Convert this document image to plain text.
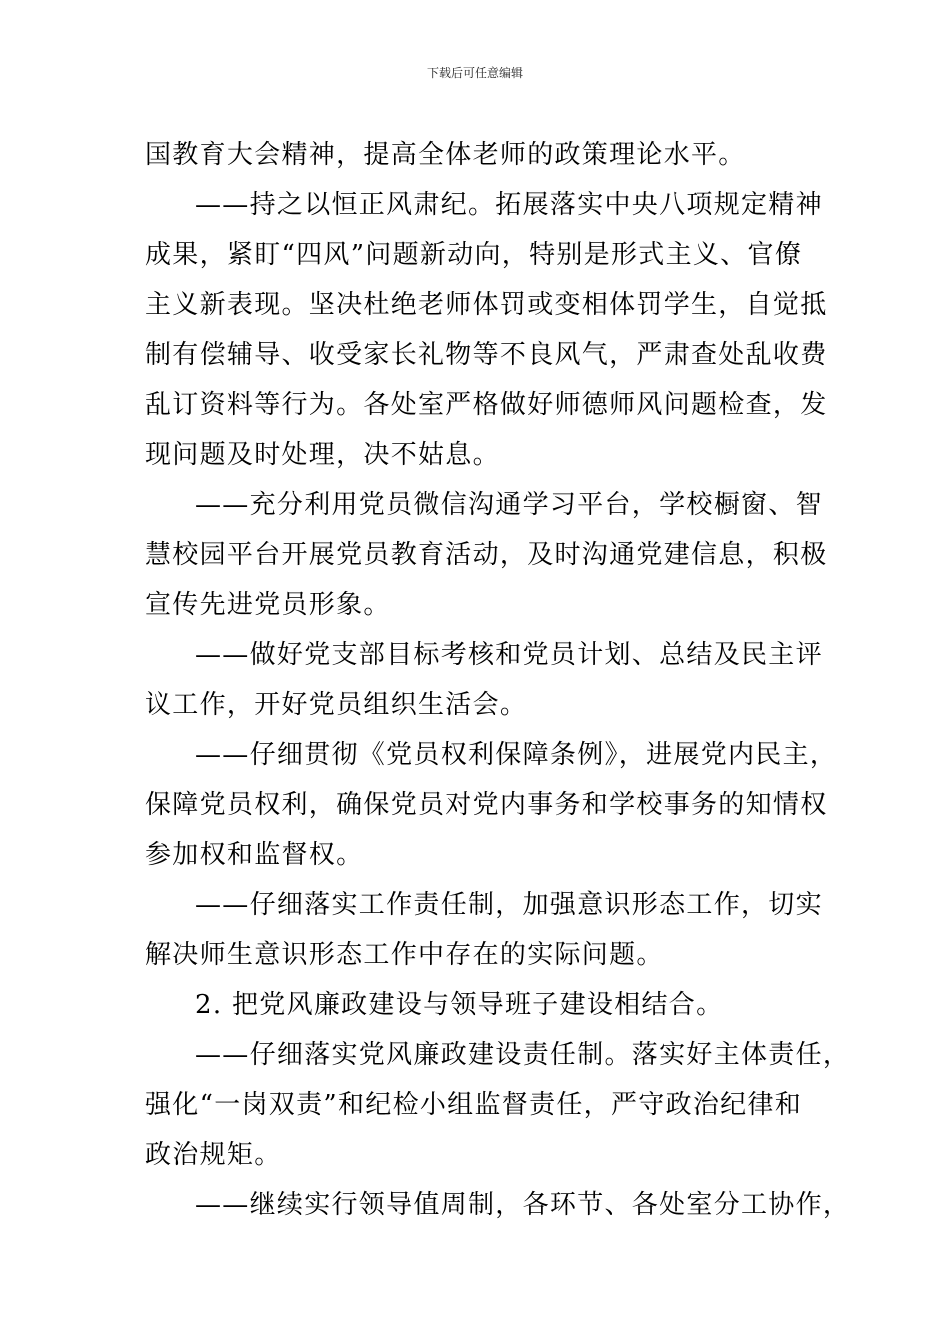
下载后可任意编辑
国教育大会精神，提高全体老师的政策理论水平。
——持之以恒正风肃纪。拓展落实中央八项规定精神
成果，紧盯“四风”问题新动向，特别是形式主义、官僚
主义新表现。坚决杜绝老师体罚或变相体罚学生，自觉抵
制有偿辅导、收受家长礼物等不良风气，严肃查处乱收费
乱订资料等行为。各处室严格做好师德师风问题检查，发
现问题及时处理，决不姑息。
——充分利用党员微信沟通学习平台，学校橱窗、智
慧校园平台开展党员教育活动，及时沟通党建信息，积极
宣传先进党员形象。
——做好党支部目标考核和党员计划、总结及民主评
议工作，开好党员组织生活会。
——仔细贯彻《党员权利保障条例》，进展党内民主，
保障党员权利，确保党员对党内事务和学校事务的知情权
参加权和监督权。
——仔细落实工作责任制，加强意识形态工作，切实
解决师生意识形态工作中存在的实际问题。
2. 把党风廉政建设与领导班子建设相结合。
——仔细落实党风廉政建设责任制。落实好主体责任，
强化“一岗双责”和纪检小组监督责任，严守政治纪律和
政治规矩。
——继续实行领导值周制，各环节、各处室分工协作，
